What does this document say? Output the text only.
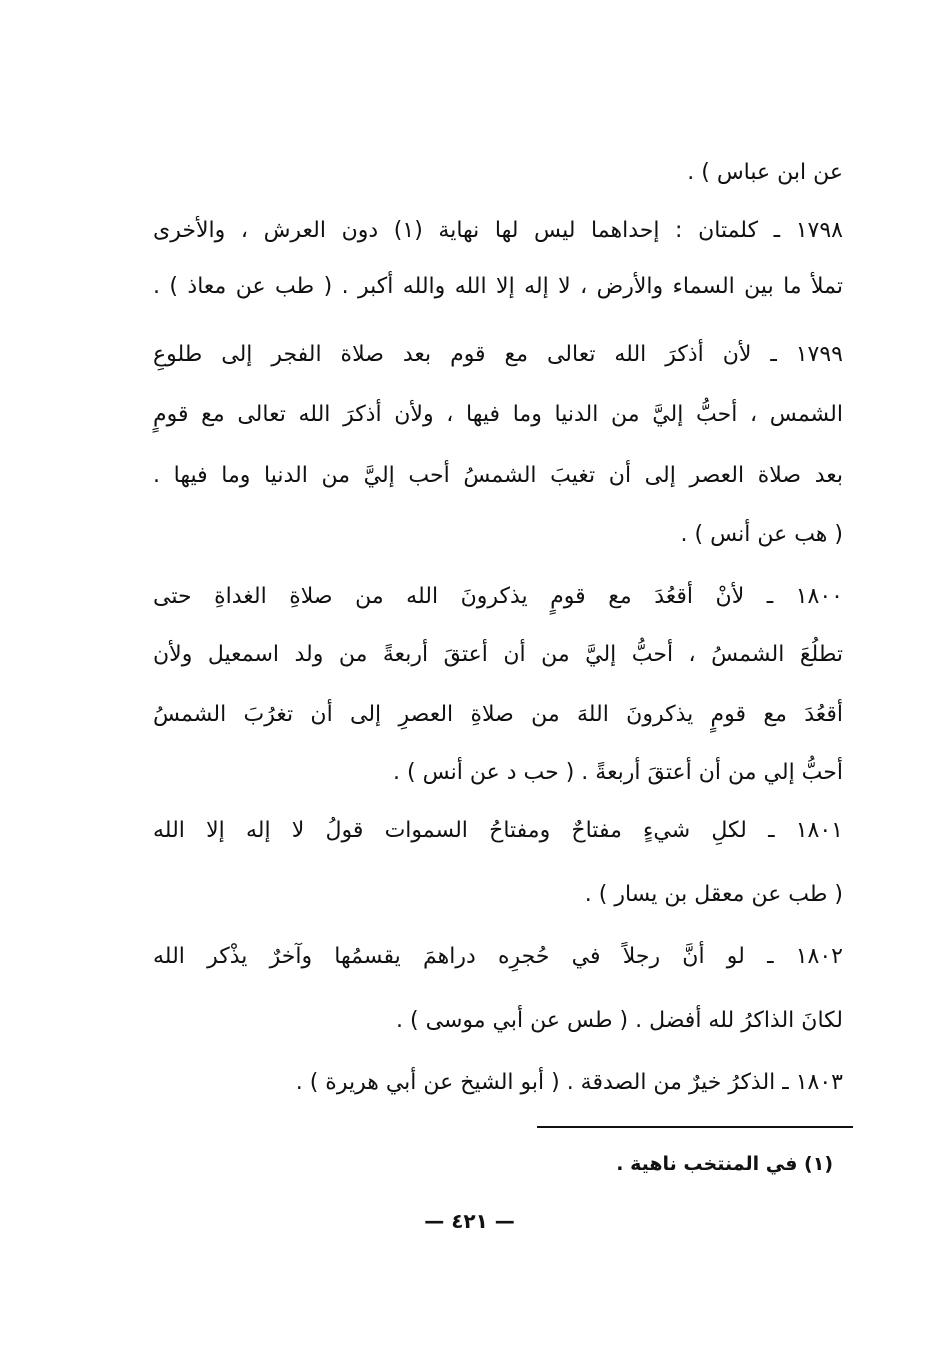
عن ابن عباس ) .
١٧٩٨ ـ كلمتان : إحداهما ليس لها نهاية (١) دون العرش ، والأخرى
تملأ ما بين السماء والأرض ، لا إله إلا الله والله أكبر . ( طب عن معاذ ) .
١٧٩٩ ـ لأن أذكرَ الله تعالى مع قوم بعد صلاة الفجر إلى طلوعِ
الشمس ، أحبُّ إليَّ من الدنيا وما فيها ، ولأن أذكرَ الله تعالى مع قومٍ
بعد صلاة العصر إلى أن تغيبَ الشمسُ أحب إليَّ من الدنيا وما فيها .
( هب عن أنس ) .
١٨٠٠ ـ لأنْ أقعُدَ مع قومٍ يذكرونَ الله من صلاةِ الغداةِ حتى
تطلُعَ الشمسُ ، أحبُّ إليَّ من أن أعتقَ أربعةً من ولد اسمعيل ولأن
أقعُدَ مع قومٍ يذكرونَ اللهَ من صلاةِ العصرِ إلى أن تغرُبَ الشمسُ
أحبُّ إلي من أن أعتقَ أربعةً . ( حب د عن أنس ) .
١٨٠١ ـ لكلِ شيءٍ مفتاحٌ ومفتاحُ السموات قولُ لا إله إلا الله
( طب عن معقل بن يسار ) .
١٨٠٢ ـ لو أنَّ رجلاً في حُجرِه دراهمَ يقسمُها وآخرٌ يذْكر الله
لكانَ الذاكرُ لله أفضل . ( طس عن أبي موسى ) .
١٨٠٣ ـ الذكرُ خيرٌ من الصدقة . ( أبو الشيخ عن أبي هريرة ) .
(١) في المنتخب ناهية .
— ٤٢١ —
